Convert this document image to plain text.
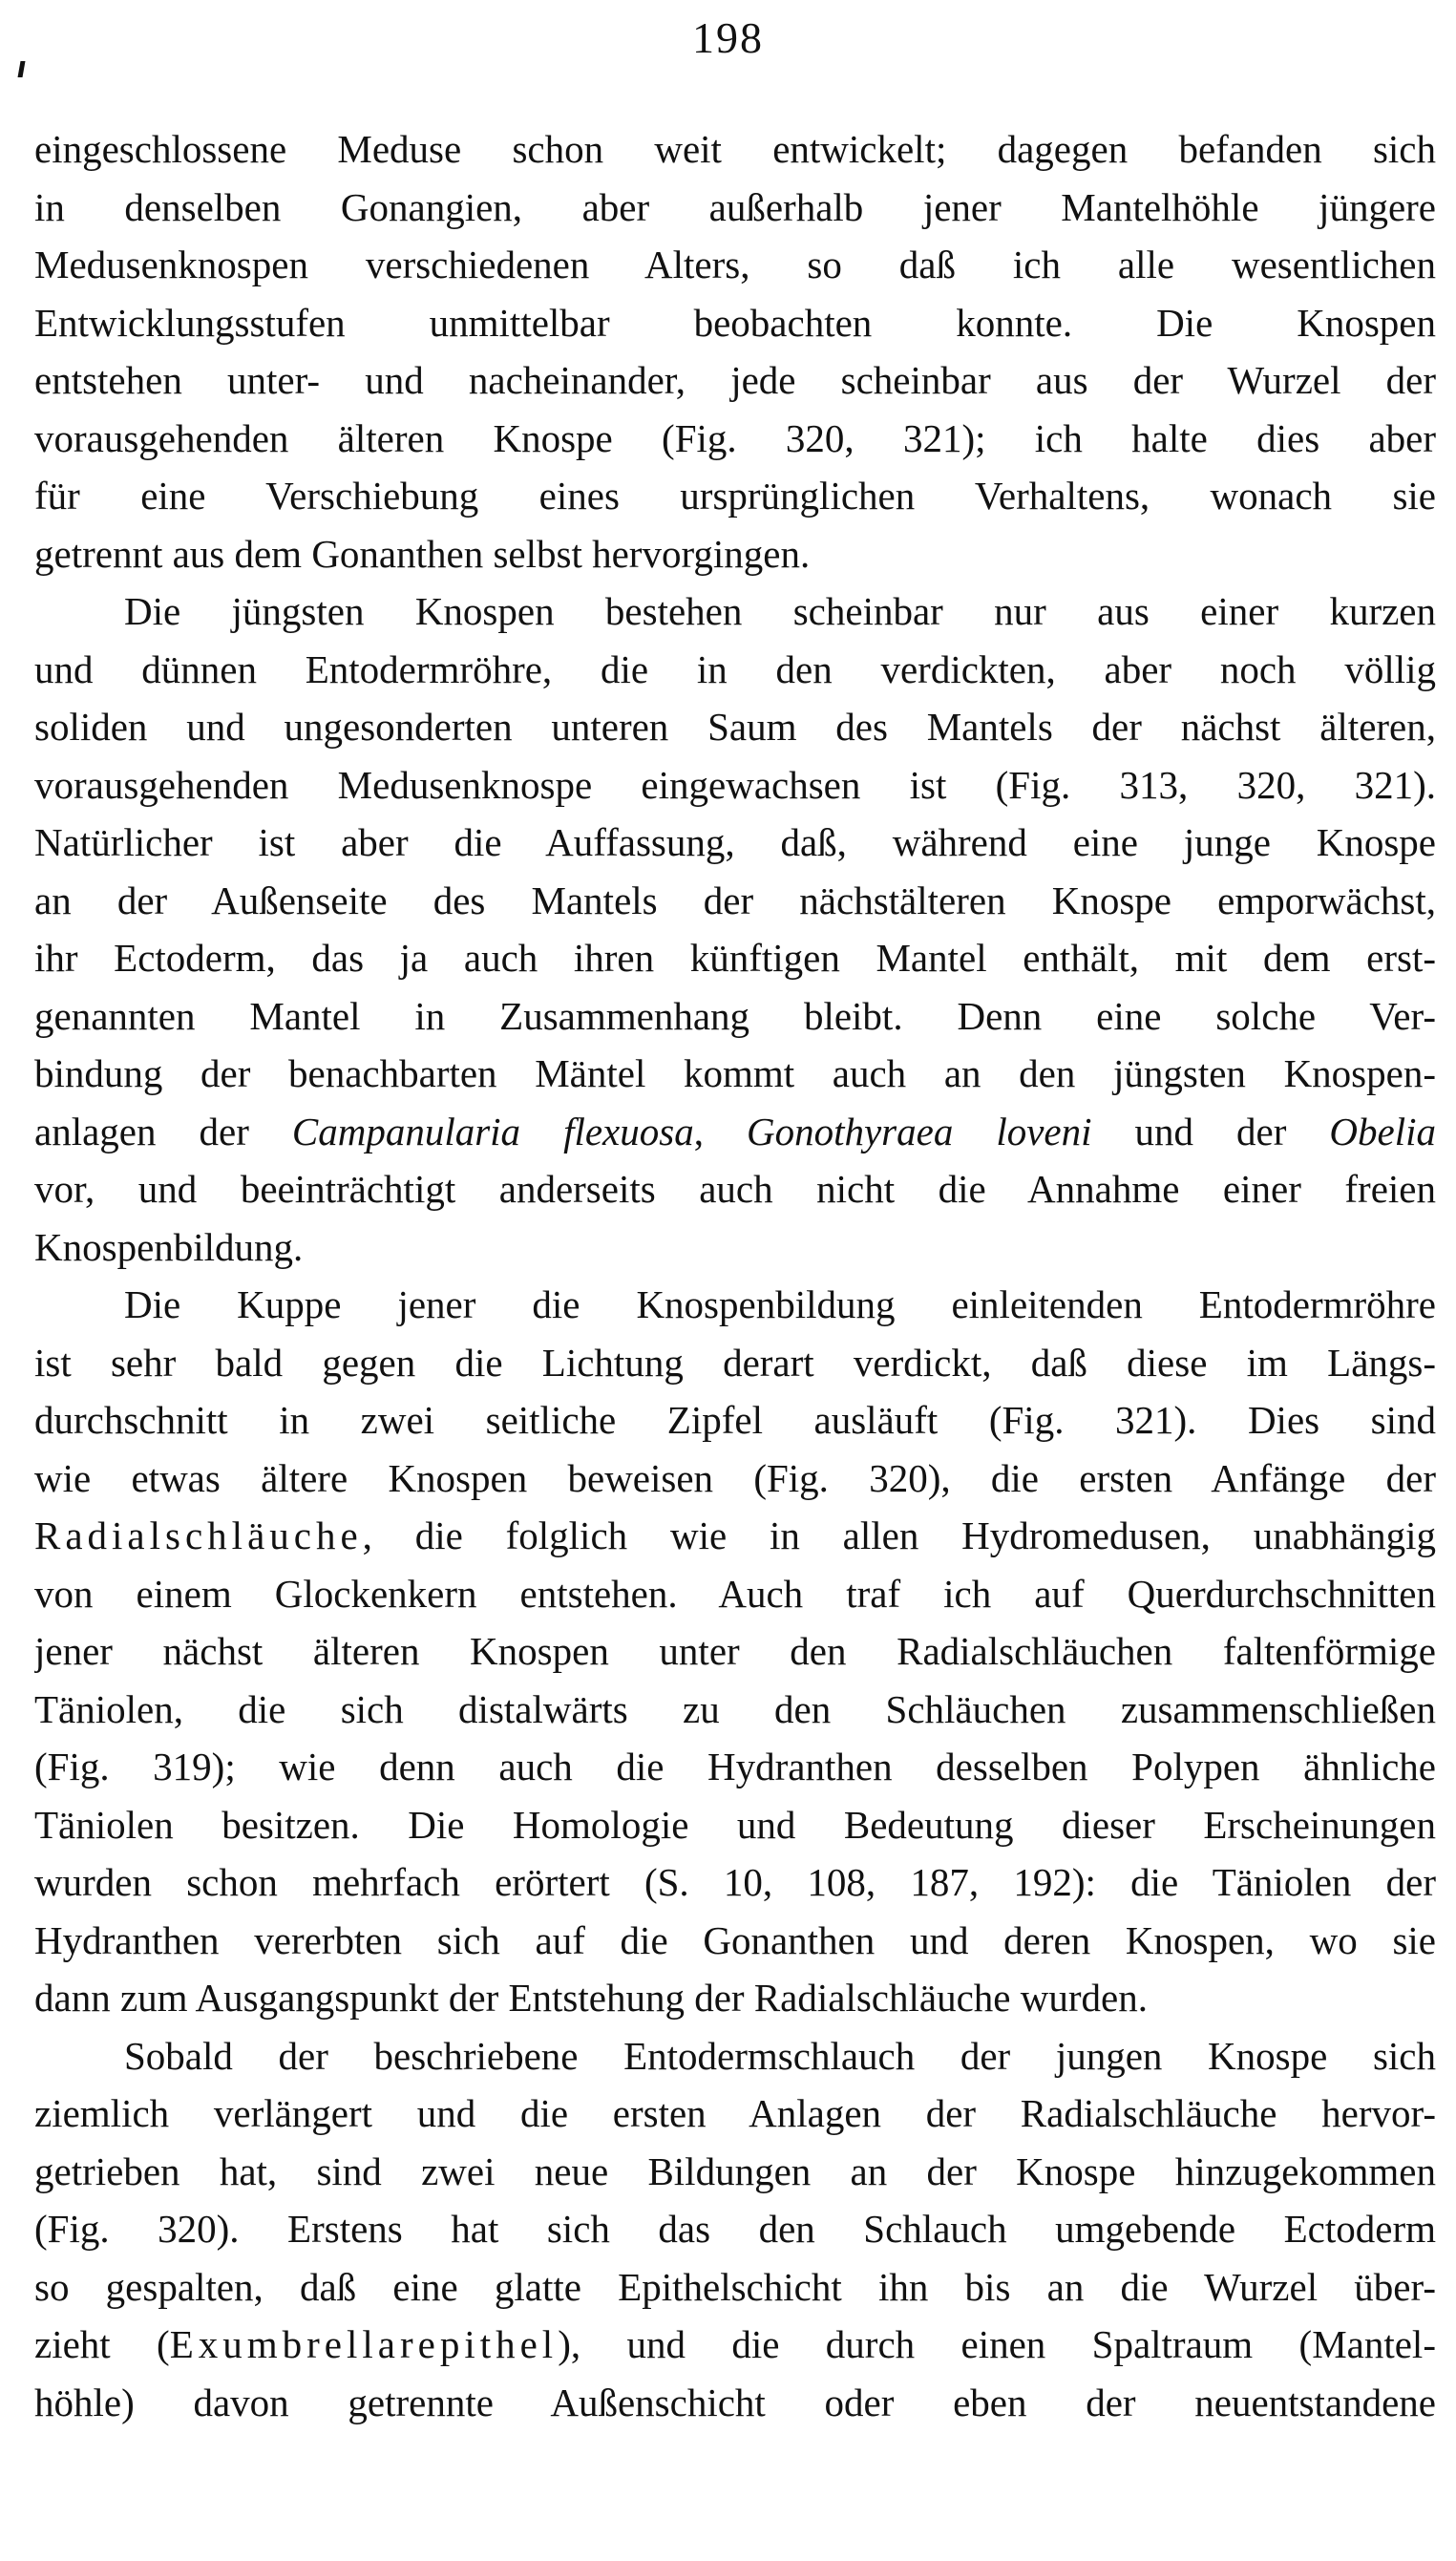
198
eingeschlossene Meduse schon weit entwickelt; dagegen befanden sich
in denselben Gonangien, aber außerhalb jener Mantelhöhle jüngere
Medusenknospen verschiedenen Alters, so daß ich alle wesentlichen
Entwicklungsstufen unmittelbar beobachten konnte. Die Knospen
entstehen unter- und nacheinander, jede scheinbar aus der Wurzel der
vorausgehenden älteren Knospe (Fig. 320, 321); ich halte dies aber
für eine Verschiebung eines ursprünglichen Verhaltens, wonach sie
getrennt aus dem Gonanthen selbst hervorgingen.
Die jüngsten Knospen bestehen scheinbar nur aus einer kurzen
und dünnen Entodermröhre, die in den verdickten, aber noch völlig
soliden und ungesonderten unteren Saum des Mantels der nächst älteren,
vorausgehenden Medusenknospe eingewachsen ist (Fig. 313, 320, 321).
Natürlicher ist aber die Auffassung, daß, während eine junge Knospe
an der Außenseite des Mantels der nächstälteren Knospe emporwächst,
ihr Ectoderm, das ja auch ihren künftigen Mantel enthält, mit dem erst-
genannten Mantel in Zusammenhang bleibt. Denn eine solche Ver-
bindung der benachbarten Mäntel kommt auch an den jüngsten Knospen-
anlagen der Campanularia flexuosa, Gonothyraea loveni und der Obelia
vor, und beeinträchtigt anderseits auch nicht die Annahme einer freien
Knospenbildung.
Die Kuppe jener die Knospenbildung einleitenden Entodermröhre
ist sehr bald gegen die Lichtung derart verdickt, daß diese im Längs-
durchschnitt in zwei seitliche Zipfel ausläuft (Fig. 321). Dies sind
wie etwas ältere Knospen beweisen (Fig. 320), die ersten Anfänge der
Radialschläuche, die folglich wie in allen Hydromedusen, unabhängig
von einem Glockenkern entstehen. Auch traf ich auf Querdurchschnitten
jener nächst älteren Knospen unter den Radialschläuchen faltenförmige
Täniolen, die sich distalwärts zu den Schläuchen zusammenschließen
(Fig. 319); wie denn auch die Hydranthen desselben Polypen ähnliche
Täniolen besitzen. Die Homologie und Bedeutung dieser Erscheinungen
wurden schon mehrfach erörtert (S. 10, 108, 187, 192): die Täniolen der
Hydranthen vererbten sich auf die Gonanthen und deren Knospen, wo sie
dann zum Ausgangspunkt der Entstehung der Radialschläuche wurden.
Sobald der beschriebene Entodermschlauch der jungen Knospe sich
ziemlich verlängert und die ersten Anlagen der Radialschläuche hervor-
getrieben hat, sind zwei neue Bildungen an der Knospe hinzugekommen
(Fig. 320). Erstens hat sich das den Schlauch umgebende Ectoderm
so gespalten, daß eine glatte Epithelschicht ihn bis an die Wurzel über-
zieht (Exumbrellarepithel), und die durch einen Spaltraum (Mantel-
höhle) davon getrennte Außenschicht oder eben der neuentstandene
